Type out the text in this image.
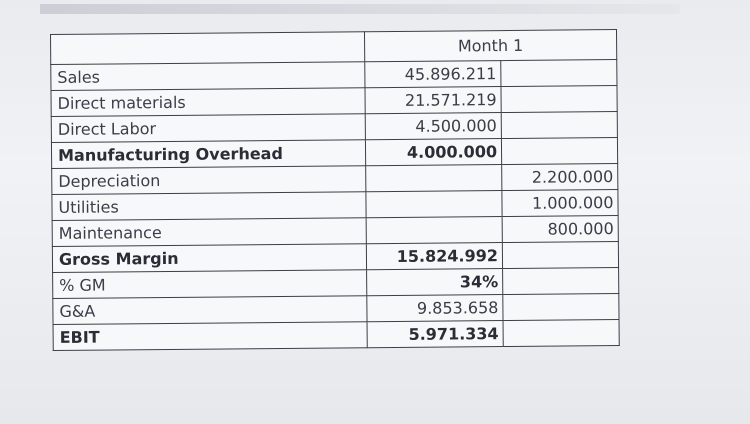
	Month 1	
Sales	45.896.211	
Direct materials	21.571.219	
Direct Labor	4.500.000	
Manufacturing Overhead	4.000.000	
Depreciation		2.200.000
Utilities		1.000.000
Maintenance		800.000
Gross Margin	15.824.992	
% GM	34%	
G&A	9.853.658	
EBIT	5.971.334	
